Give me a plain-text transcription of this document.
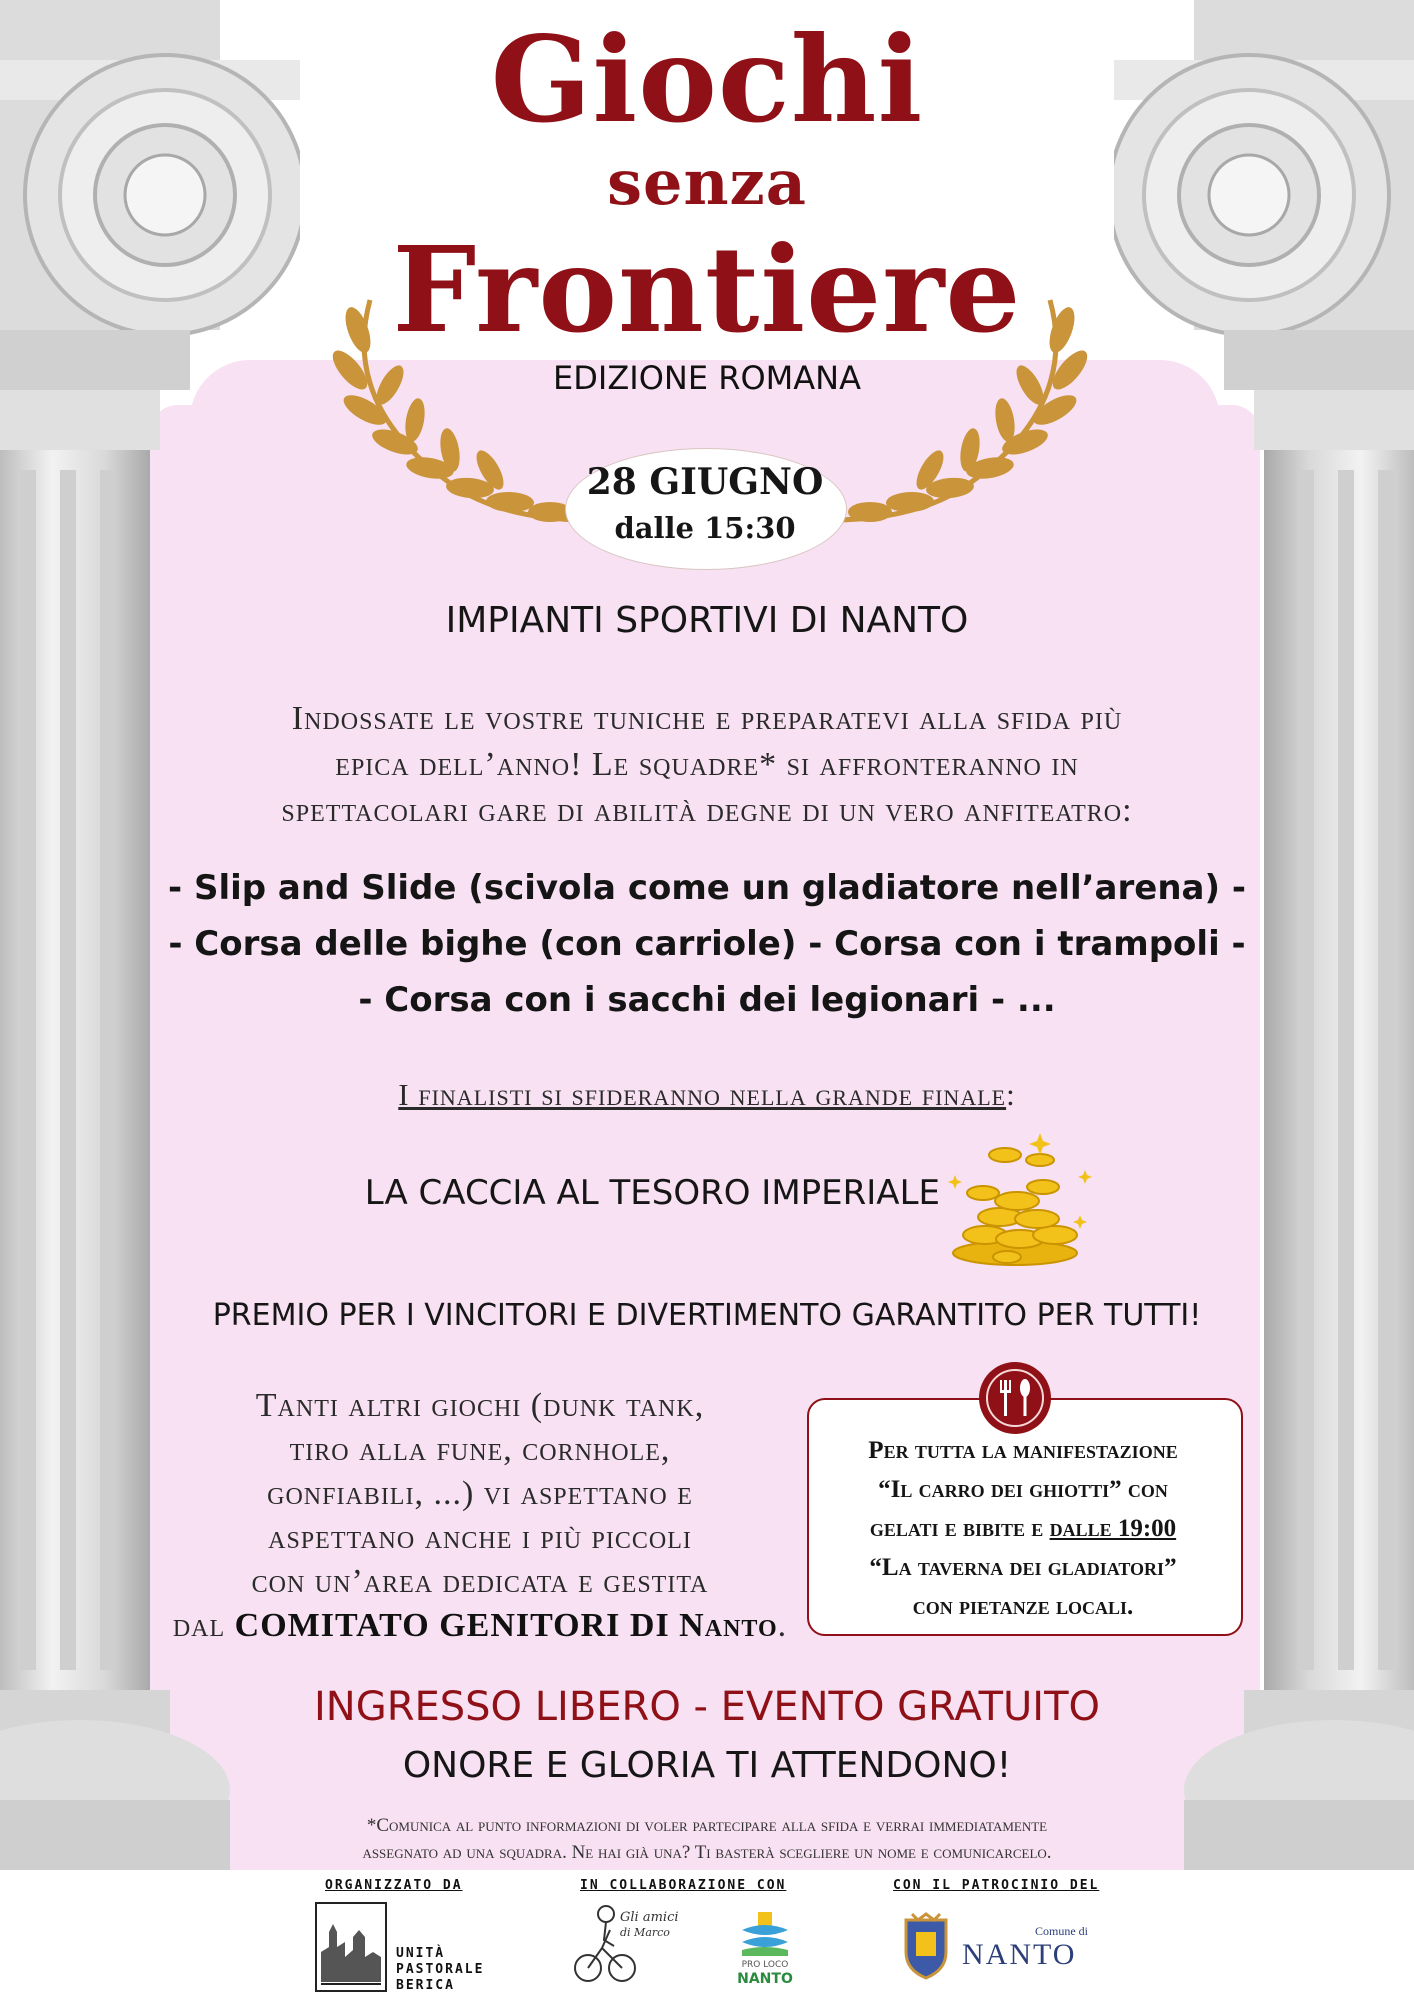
Giochi
senza
Frontiere
EDIZIONE ROMANA
28 GIUGNO
dalle 15:30
IMPIANTI SPORTIVI DI NANTO
Indossate le vostre tuniche e preparatevi alla sfida più
epica dell’anno! Le squadre* si affronteranno in
spettacolari gare di abilità degne di un vero anfiteatro:
- Slip and Slide (scivola come un gladiatore nell’arena) -
- Corsa delle bighe (con carriole) - Corsa con i trampoli -
- Corsa con i sacchi dei legionari - ...
I finalisti si sfideranno nella grande finale:
LA CACCIA AL TESORO IMPERIALE
PREMIO PER I VINCITORI E DIVERTIMENTO GARANTITO PER TUTTI!
Tanti altri giochi (dunk tank,
tiro alla fune, cornhole,
gonfiabili, ...) vi aspettano e
aspettano anche i più piccoli
con un’area dedicata e gestita
dal COMITATO GENITORI DI Nanto.
Per tutta la manifestazione
“Il carro dei ghiotti” con
gelati e bibite e dalle 19:00
“La taverna dei gladiatori”
con pietanze locali.
INGRESSO LIBERO - EVENTO GRATUITO
ONORE E GLORIA TI ATTENDONO!
*Comunica al punto informazioni di voler partecipare alla sfida e verrai immediatamente
assegnato ad una squadra. Ne hai già una? Ti basterà scegliere un nome e comunicarcelo.
ORGANIZZATO DA	IN COLLABORAZIONE CON	CON IL PATROCINIO DEL
UNITÀ
PASTORALE
BERICA
Gli amici
di Marco
PRO LOCO
NANTO
Comune di
NANTO
